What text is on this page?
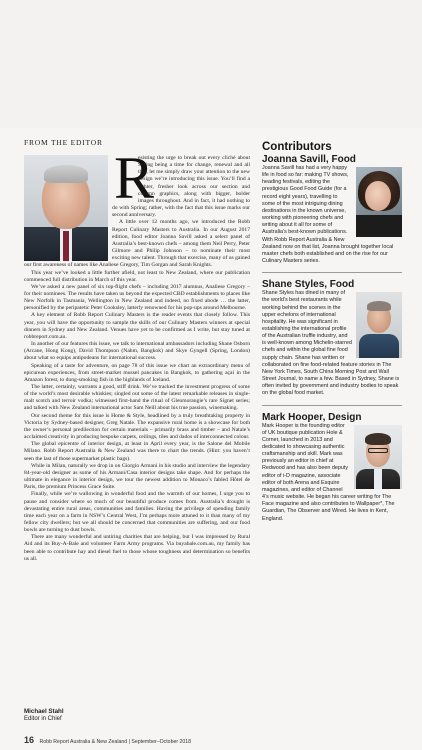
FROM THE EDITOR
R

esisting the urge to break out every cliché about Spring being a time for change, renewal and all that, let me simply draw your attention to the new design we’re introducing this issue. You’ll find a lighter, fresher look across our section and column graphics, along with bigger, bolder images throughout. And in fact, it had nothing to do with Spring; rather, with the fact that this issue marks our second anniversary.

A little over 12 months ago, we introduced the Robb Report Culinary Masters to Australia. In our August 2017 edition, food editor Joanna Savill asked a select panel of Australia’s best-known chefs – among them Neil Perry, Peter Gilmore and Philip Johnson – to nominate their most exciting new talent. Through that exercise, many of us gained our first awareness of names like Analiese Gregory, Tim Gorgan and Sarah Knights.

This year we’ve looked a little further afield, not least to New Zealand, where our publication commenced full distribution in March of this year.

We’ve asked a new panel of six top-flight chefs – including 2017 alumnus, Analiese Gregory – for their nominees. The results have taken us beyond the expected CBD establishments to places like New Norfolk in Tasmania, Wellington in New Zealand and indeed, no fixed abode … the latter, personified by the peripatetic Peter Cooksley, latterly renowned for his pop-ups around Melbourne.

A key element of Robb Report Culinary Masters is the reader events that closely follow. This year, you will have the opportunity to sample the skills of our Culinary Masters winners at special dinners in Sydney and New Zealand. Venues have yet to be confirmed as I write, but stay tuned at robbreport.com.au.

In another of our features this issue, we talk to international ambassadors including Shane Osborn (Arcane, Hong Kong), David Thompson (Nahm, Bangkok) and Skye Gyngell (Spring, London) about what so equips antipodeans for international success.

Speaking of a taste for adventure, on page 78 of this issue we chart an extraordinary menu of epicurean experiences, from street-market mussel pancakes in Bangkok, to gathering açaí in the Amazon forest, to dung-smoking fish in the highlands of Iceland.

The latter, certainly, warrants a good, stiff drink. We’ve tracked the investment progress of some of the world’s most desirable whiskies; singled out some of the latest remarkable releases in single-malt scotch and terroir vodka; witnessed first-hand the ritual of Glenmorangie’s rare Signet series; and talked with New Zealand international actor Sam Neill about his true passion, winemaking.

Our second theme for this issue is Home & Style, headlined by a truly breathtaking property in Victoria by Sydney-based designer, Greg Natale. The expansive rural home is a showcase for both the owner’s personal predilection for certain materials – primarily brass and timber – and Natale’s acclaimed creativity in producing bespoke carpets, ceilings, tiles and dados of interconnected colour.

The global epicentre of interior design, at least in April every year, is the Salone del Mobile Milano. Robb Report Australia & New Zealand was there to chart the trends. (Hint: you haven’t seen the last of those supermarket plastic bags).

While in Milan, naturally we drop in on Giorgio Armani in his studio and interview the legendary 84-year-old designer as some of his Armani/Casa interior designs take shape. And for perhaps the ultimate in elegance in interior design, we tour the newest addition to Monaco’s fabled Hôtel de Paris, the premium Princess Grace Suite.

Finally, while we’re wallowing in wonderful food and the warmth of our homes, I urge you to pause and consider where so much of our beautiful produce comes from. Australia’s drought is devastating entire rural areas, communities and families. Having the privilege of spending family time each year on a farm in NSW’s Central West, I’m perhaps more attuned to it than many of my fellow city dwellers; but we all should be concerned that communities are suffering, and our food bowls are turning to dust bowls.

There are many wonderful and untiring charities that are helping, but I was impressed by Rural Aid and its Buy-A-Bale and volunteer Farm Army programs. Via buyabale.com.au, my family has been able to contribute hay and diesel fuel to those whose toughness and determination so benefits us all.

Michael Stahl
Editor in Chief
16 Robb Report Australia & New Zealand | September–October 2018
Contributors
Joanna Savill, Food

Joanna Savill has had a very happy life in food so far: making TV shows, heading festivals, editing the prestigious Good Food Guide (for a record eight years), travelling to some of the most intriguing dining destinations in the known universe, working with pioneering chefs and writing about it all for some of Australia’s best-known publications. With Robb Report Australia & New Zealand now on that list, Joanna brought together local master chefs both established and on the rise for our Culinary Masters series.

Shane Styles, Food

Shane Styles has dined in many of the world’s best restaurants while working behind the scenes in the upper echelons of international hospitality. He was significant in establishing the international profile of the Australian truffle industry, and is well-known among Michelin-starred chefs and within the global fine food supply chain. Shane has written or collaborated on fine food-related feature stories in The New York Times, South China Morning Post and Wall Street Journal, to name a few. Based in Sydney, Shane is often invited by government and industry bodies to speak on the global food market.

Mark Hooper, Design

Mark Hooper is the founding editor of UK boutique publication Hole & Corner, launched in 2013 and dedicated to showcasing authentic craftsmanship and skill. Mark was previously an editor in chief at Redwood and has also been deputy editor of i-D magazine, associate editor of both Arena and Esquire magazines, and editor of Channel 4’s music website. He began his career writing for The Face magazine and also contributes to Wallpaper*, The Guardian, The Observer and Wired. He lives in Kent, England.
